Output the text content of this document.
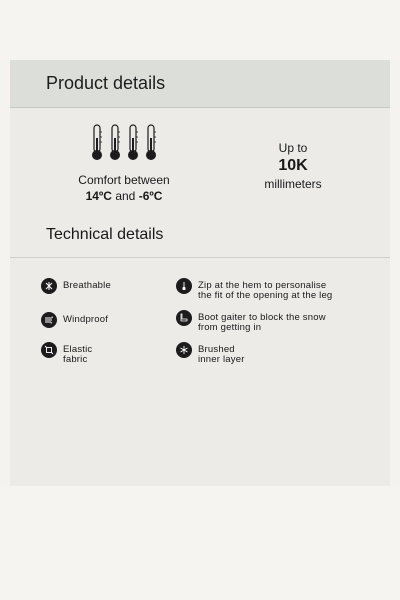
Product details
Comfort between
14ºC and -6ºC
Up to
10K
millimeters
Technical details
Breathable
Windproof
Elastic
fabric
Zip at the hem to personalise
the fit of the opening at the leg
Boot gaiter to block the snow
from getting in
Brushed
inner layer
